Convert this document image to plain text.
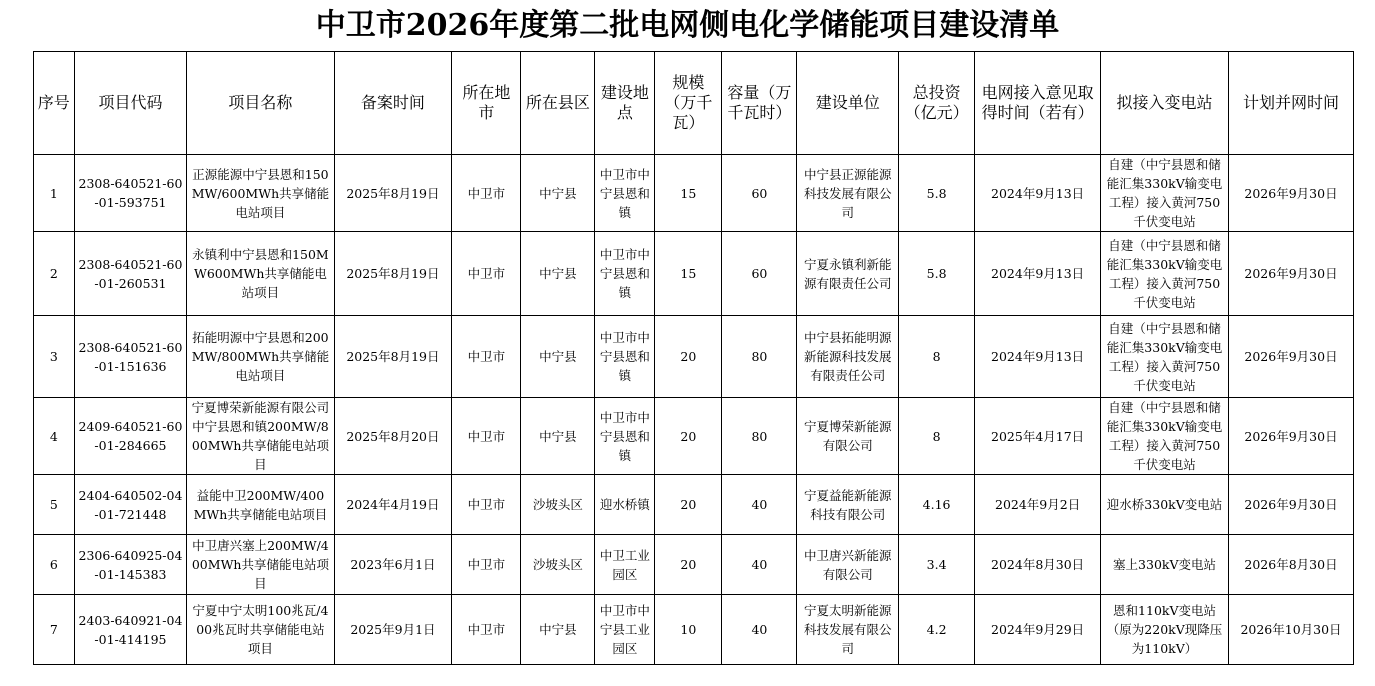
中卫市2026年度第二批电网侧电化学储能项目建设清单
序号	项目代码	项目名称	备案时间	所在地市	所在县区	建设地点	规模（万千瓦）	容量（万千瓦时）	建设单位	总投资（亿元）	电网接入意见取得时间（若有）	拟接入变电站	计划并网时间
1	2308-640521-60-01-593751	正源能源中宁县恩和150MW/600MWh共享储能电站项目	2025年8月19日	中卫市	中宁县	中卫市中宁县恩和镇	15	60	中宁县正源能源科技发展有限公司	5.8	2024年9月13日	自建（中宁县恩和储能汇集330kV输变电工程）接入黄河750千伏变电站	2026年9月30日
2	2308-640521-60-01-260531	永镇利中宁县恩和150MW600MWh共享储能电站项目	2025年8月19日	中卫市	中宁县	中卫市中宁县恩和镇	15	60	宁夏永镇利新能源有限责任公司	5.8	2024年9月13日	自建（中宁县恩和储能汇集330kV输变电工程）接入黄河750千伏变电站	2026年9月30日
3	2308-640521-60-01-151636	拓能明源中宁县恩和200MW/800MWh共享储能电站项目	2025年8月19日	中卫市	中宁县	中卫市中宁县恩和镇	20	80	中宁县拓能明源新能源科技发展有限责任公司	8	2024年9月13日	自建（中宁县恩和储能汇集330kV输变电工程）接入黄河750千伏变电站	2026年9月30日
4	2409-640521-60-01-284665	宁夏博荣新能源有限公司中宁县恩和镇200MW/800MWh共享储能电站项目	2025年8月20日	中卫市	中宁县	中卫市中宁县恩和镇	20	80	宁夏博荣新能源有限公司	8	2025年4月17日	自建（中宁县恩和储能汇集330kV输变电工程）接入黄河750千伏变电站	2026年9月30日
5	2404-640502-04-01-721448	益能中卫200MW/400MWh共享储能电站项目	2024年4月19日	中卫市	沙坡头区	迎水桥镇	20	40	宁夏益能新能源科技有限公司	4.16	2024年9月2日	迎水桥330kV变电站	2026年9月30日
6	2306-640925-04-01-145383	中卫唐兴塞上200MW/400MWh共享储能电站项目	2023年6月1日	中卫市	沙坡头区	中卫工业园区	20	40	中卫唐兴新能源有限公司	3.4	2024年8月30日	塞上330kV变电站	2026年8月30日
7	2403-640921-04-01-414195	宁夏中宁太明100兆瓦/400兆瓦时共享储能电站项目	2025年9月1日	中卫市	中宁县	中卫市中宁县工业园区	10	40	宁夏太明新能源科技发展有限公司	4.2	2024年9月29日	恩和110kV变电站（原为220kV现降压为110kV）	2026年10月30日
